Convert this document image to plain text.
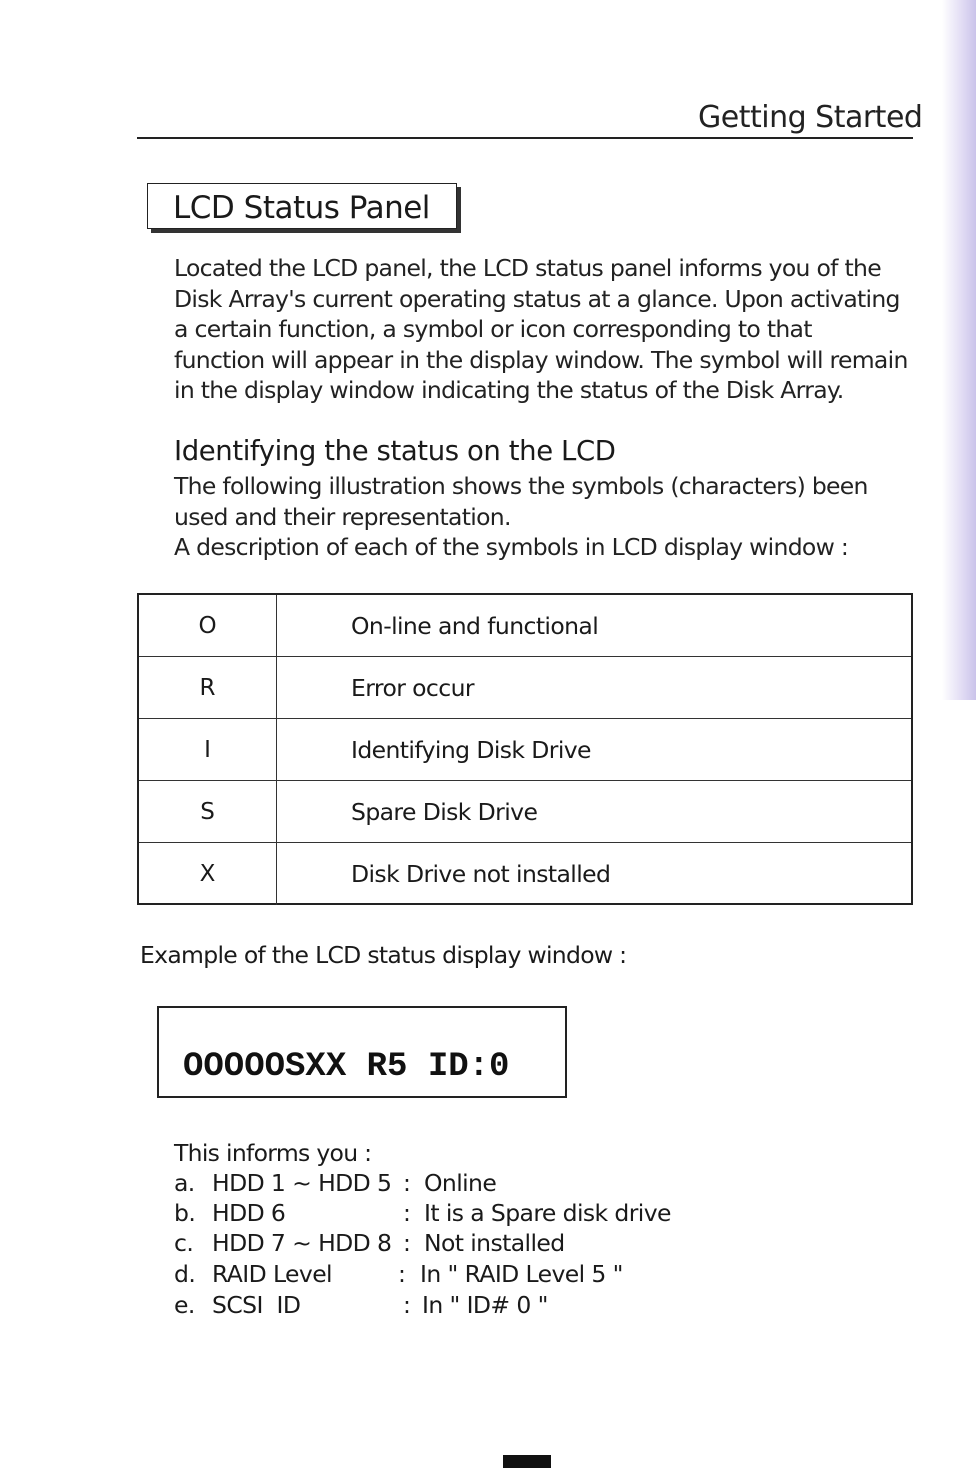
Getting Started
LCD Status Panel
Located the LCD panel, the LCD status panel informs you of the
Disk Array's current operating status at a glance. Upon activating
a certain function, a symbol or icon corresponding to that
function will appear in the display window. The symbol will remain
in the display window indicating the status of the Disk Array.
Identifying the status on the LCD
The following illustration shows the symbols (characters) been
used and their representation.
A description of each of the symbols in LCD display window :
O	On-line and functional
R	Error occur
I	Identifying Disk Drive
S	Spare Disk Drive
X	Disk Drive not installed
Example of the LCD status display window :
OOOOOSXX R5 ID:0
This informs you :
a. HDD 1 ~ HDD 5 : Online
b. HDD 6	: It is a Spare disk drive
c. HDD 7 ~ HDD 8 : Not installed
d. RAID Level	: In " RAID Level 5 "
e. SCSI  ID	: In " ID# 0 "
